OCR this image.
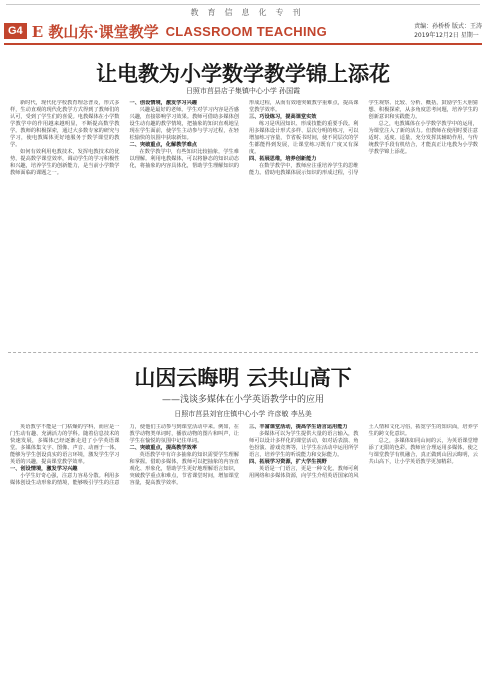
教育信息化专刊
G4 E 教山东·课堂教学 CLASSROOM TEACHING	责编：孙桥桥 版式：王涛
2019年12月2日 星期一
让电教为小学数学教学锦上添花
日照市莒县店子集镇中心小学 孙国霞

新时代，现代化学校教育理念普及，形式多样，生动直观的现代化教学方式得到了教师们的认可，受到了学生们的喜爱。电教媒体在小学数学教学中的作用越来越明显，不断提高数学教学。教师的积极探索，通过大多数专家的研究与学习，使电教媒体更好地服务于数学课堂的教学。

如何有效利用电教技术，发挥电教技术的优势，提高数学课堂效率，调动学生的学习积极性和兴趣，培养学生的创新能力，是当前小学数学教师面临的课题之一。

一、创设情境，激发学习兴趣

兴趣是最好的老师。学生对学习内容是否感兴趣，直接影响学习效果。教师可借助多媒体创设生动有趣的教学情境，把抽象的知识直观地呈现在学生面前，使学生主动参与学习过程，在轻松愉快的氛围中获取新知。

二、突破重点，化解教学难点

在数学教学中，有些知识比较抽象，学生难以理解。利用电教媒体，可以将静态的知识动态化，将抽象的内容具体化，帮助学生理解知识的形成过程，从而有效地突破教学重难点，提高课堂教学效率。

三、巧设练习，提高课堂实效

练习是巩固知识、形成技能的重要手段。利用多媒体设计形式多样、层次分明的练习，可以增加练习容量，节省板书时间，使不同层次的学生都能得到发展，让课堂练习既有广度又有深度。

四、拓展思维，培养创新能力

在数学教学中，教师应注重培养学生的思维能力。借助电教媒体展示知识的形成过程，引导学生观察、比较、分析、概括，鼓励学生大胆猜想、积极探索，从多角度思考问题，培养学生的创新意识和实践能力。

总之，电教媒体在小学数学教学中的运用，为课堂注入了新的活力。但教师在使用时要注意适时、适度、适量，充分发挥其辅助作用，与传统教学手段有机结合，才能真正让电教为小学数学教学锦上添花。

山因云晦明 云共山高下
——浅谈多媒体在小学英语教学中的应用
日照市莒县刘官庄镇中心小学 许彦敏 李丛美

英语教学不能是一门枯燥的学科，而应是一门生动有趣、充满活力的学科。随着信息技术的快速发展，多媒体已经逐渐走进了小学英语课堂。多媒体集文字、图像、声音、动画于一体，能够为学生创设真实的语言环境，激发学生学习英语的兴趣，提高课堂教学效率。

一、创设情境，激发学习兴趣

小学生好奇心强，注意力容易分散。利用多媒体创设生动形象的情境，能够吸引学生的注意力，使他们主动参与到课堂活动中来。例如，在教学动物类单词时，播放动物的图片和叫声，让学生在愉悦的氛围中记住单词。

二、突破重点，提高教学效率

英语教学中有许多抽象的知识需要学生理解和掌握。借助多媒体，教师可以把抽象的内容直观化、形象化，帮助学生更好地理解语言知识，突破教学重点和难点，节省课堂时间，增加课堂容量，提高教学效率。

三、丰富课堂活动，提高学生语言运用能力

多媒体可以为学生提供大量的语言输入，教师可以设计多样化的课堂活动，如对话表演、角色扮演、游戏竞赛等，让学生在活动中运用所学语言，培养学生的听说能力和交际能力。

四、拓展学习资源，扩大学生视野

英语是一门语言，更是一种文化。教师可利用网络和多媒体资源，向学生介绍英语国家的风土人情和文化习俗，拓宽学生的知识面，培养学生的跨文化意识。

总之，多媒体如同山间的云，为英语课堂增添了无限的色彩。教师应合理运用多媒体，使之与课堂教学有机融合，真正做到山因云晦明，云共山高下，让小学英语教学更加精彩。
